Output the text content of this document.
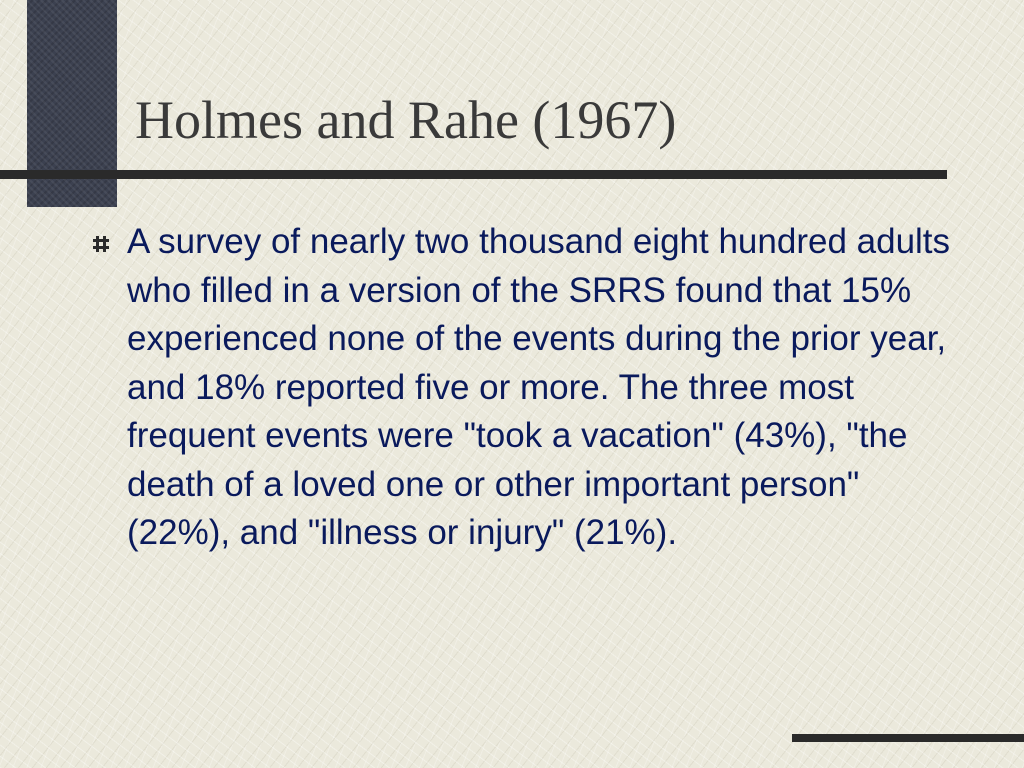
Holmes and Rahe (1967)
A survey of nearly two thousand eight hundred adults who filled in a version of the SRRS found that 15% experienced none of the events during the prior year, and 18% reported five or more. The three most frequent events were "took a vacation" (43%), "the death of a loved one or other important person" (22%), and "illness or injury" (21%).
